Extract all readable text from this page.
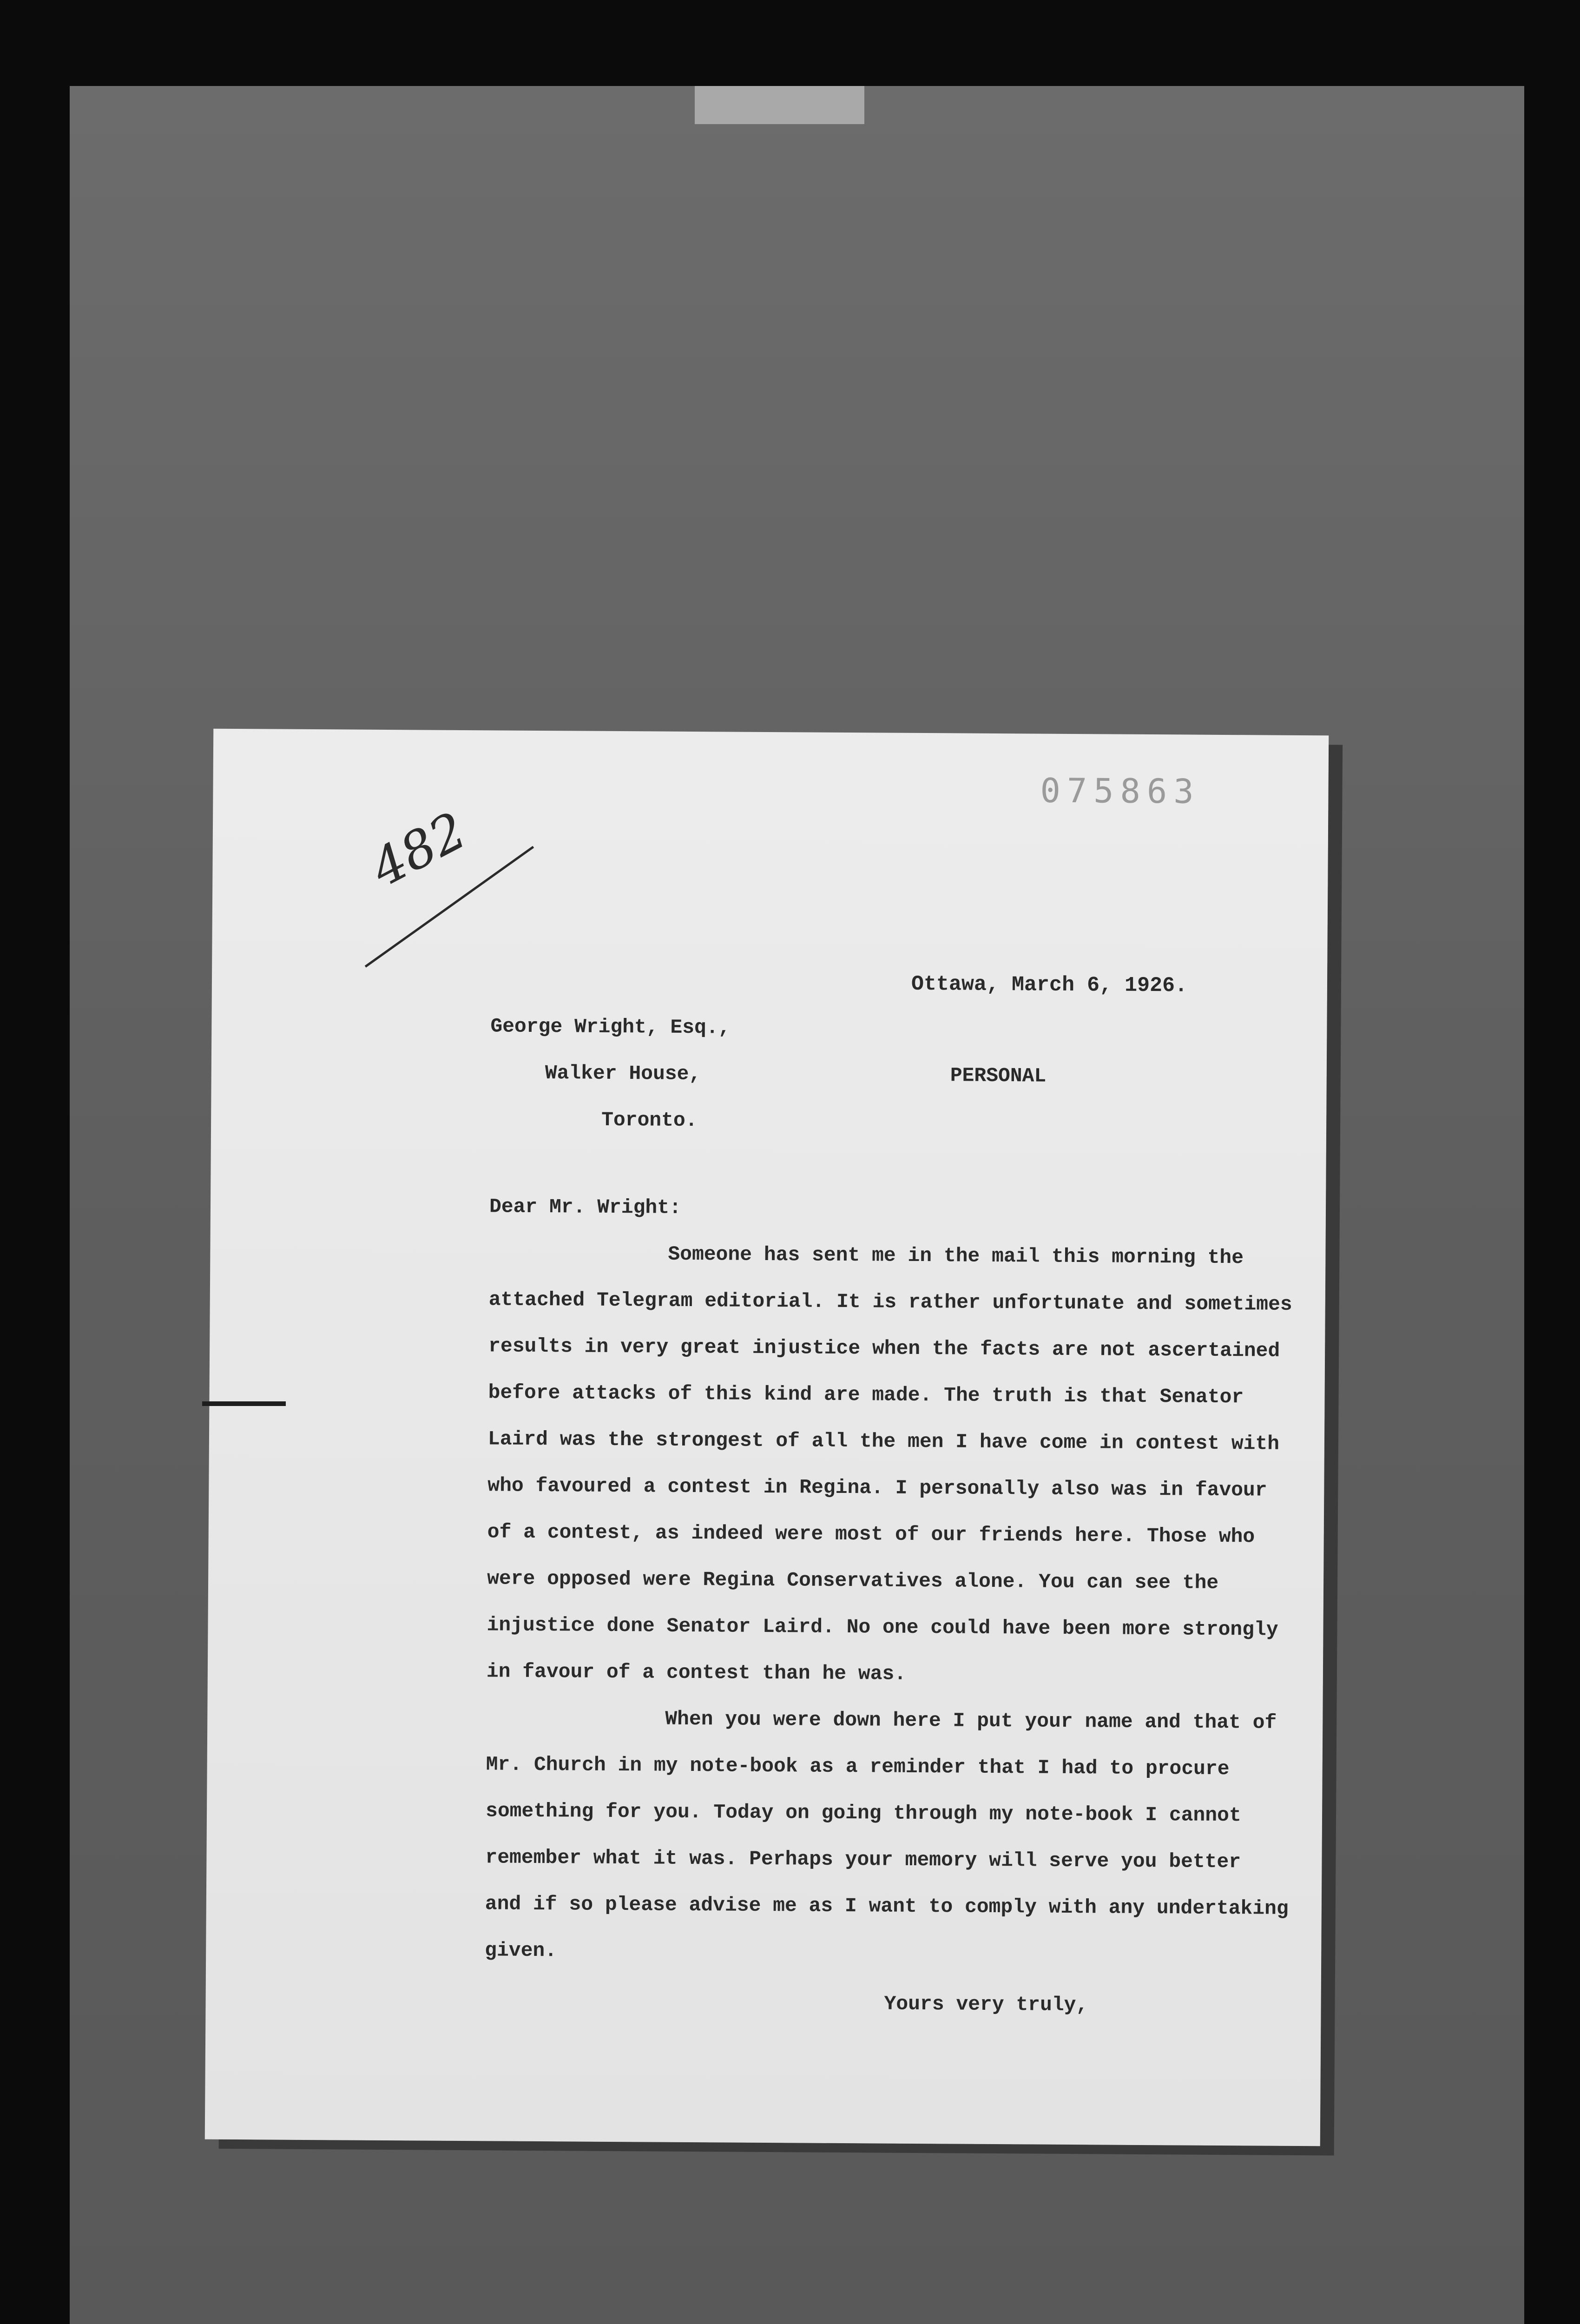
075863
482
Ottawa, March 6, 1926.
George Wright, Esq.,
Walker House,
Toronto.
PERSONAL
Dear Mr. Wright:
Someone has sent me in the mail this morning the
attached Telegram editorial. It is rather unfortunate and sometimes
results in very great injustice when the facts are not ascertained
before attacks of this kind are made. The truth is that Senator
Laird was the strongest of all the men I have come in contest with
who favoured a contest in Regina. I personally also was in favour
of a contest, as indeed were most of our friends here. Those who
were opposed were Regina Conservatives alone. You can see the
injustice done Senator Laird. No one could have been more strongly
in favour of a contest than he was.
When you were down here I put your name and that of
Mr. Church in my note-book as a reminder that I had to procure
something for you. Today on going through my note-book I cannot
remember what it was. Perhaps your memory will serve you better
and if so please advise me as I want to comply with any undertaking
given.
Yours very truly,
